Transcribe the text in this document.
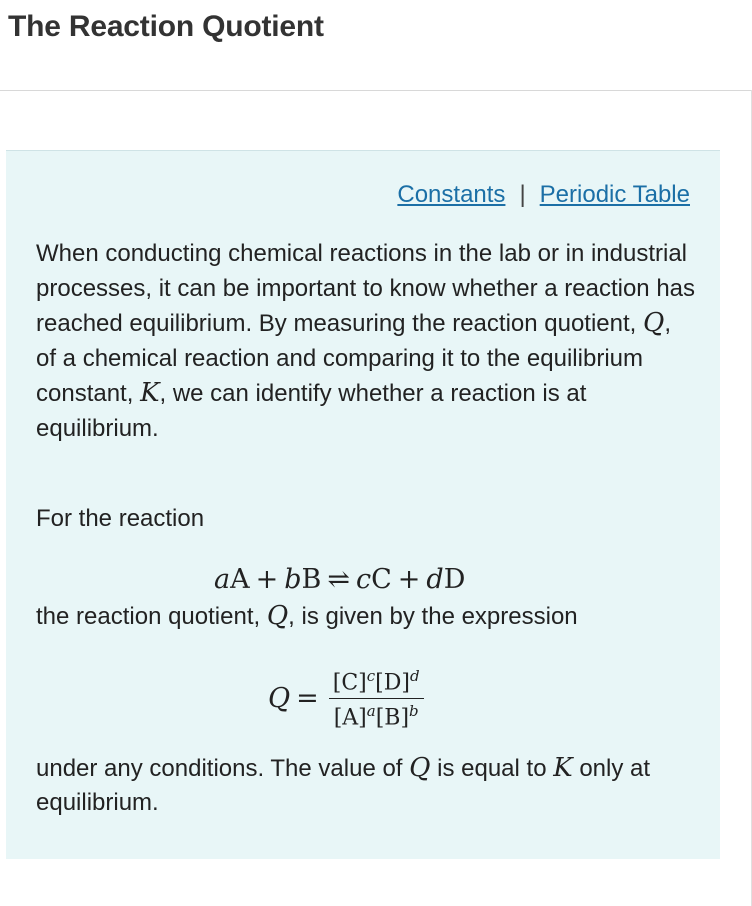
The Reaction Quotient
Constants | Periodic Table

When conducting chemical reactions in the lab or in industrial processes, it can be important to know whether a reaction has reached equilibrium. By measuring the reaction quotient, Q, of a chemical reaction and comparing it to the equilibrium constant, K, we can identify whether a reaction is at equilibrium.

For the reaction

aA + bB ⇌ cC + dD

the reaction quotient, Q, is given by the expression

$Q = \frac{[C]^c[D]^d}{[A]^a[B]^b}$

under any conditions. The value of Q is equal to K only at equilibrium.
